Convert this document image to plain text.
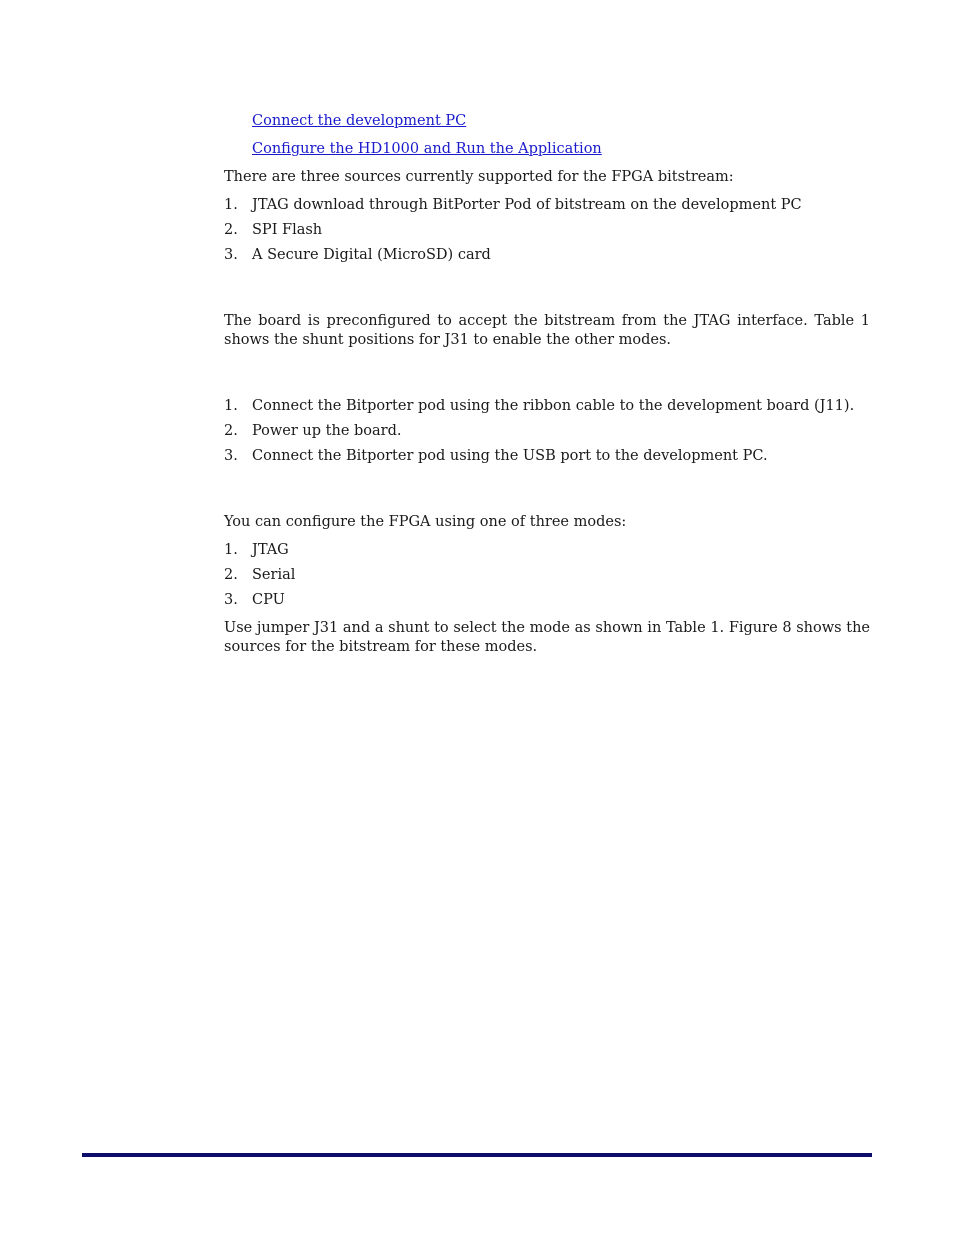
Connect the development PC
Configure the HD1000 and Run the Application
There are three sources currently supported for the FPGA bitstream:
1. JTAG download through BitPorter Pod of bitstream on the development PC
2. SPI Flash
3. A Secure Digital (MicroSD) card
The board is preconfigured to accept the bitstream from the JTAG interface. Table 1 shows the shunt positions for J31 to enable the other modes.
1. Connect the Bitporter pod using the ribbon cable to the development board (J11).
2. Power up the board.
3. Connect the Bitporter pod using the USB port to the development PC.
You can configure the FPGA using one of three modes:
1. JTAG
2. Serial
3. CPU
Use jumper J31 and a shunt to select the mode as shown in Table 1. Figure 8 shows the sources for the bitstream for these modes.
